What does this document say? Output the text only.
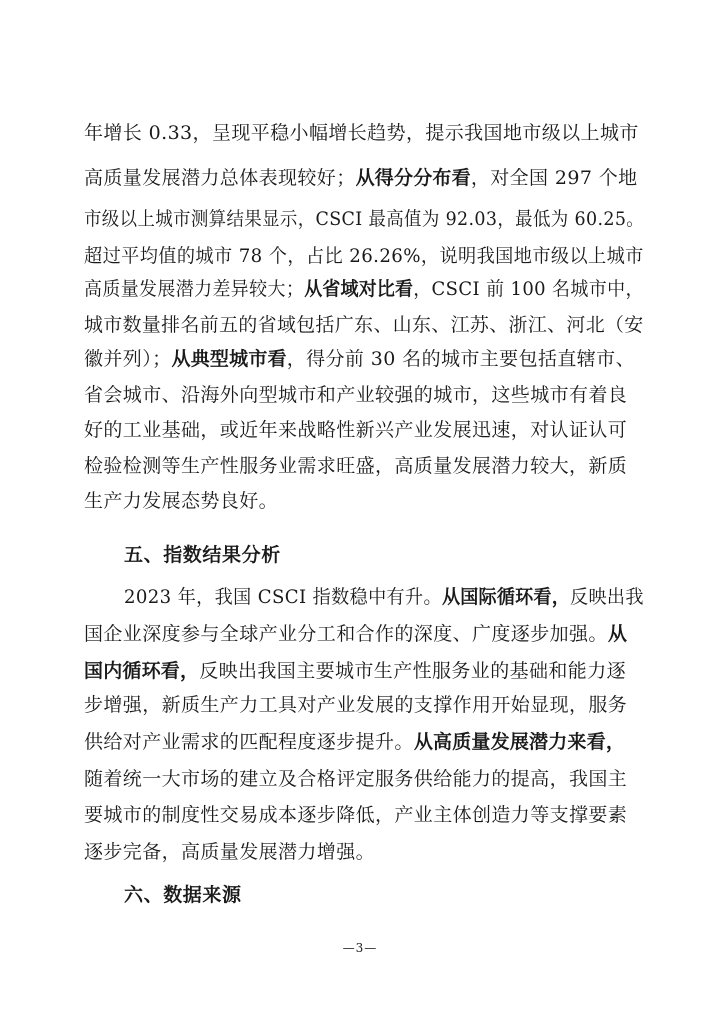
年增长 0.33，呈现平稳小幅增长趋势，提示我国地市级以上城市
高质量发展潜力总体表现较好；从得分分布看，对全国 297 个地
市级以上城市测算结果显示，CSCI 最高值为 92.03，最低为 60.25。
超过平均值的城市 78 个，占比 26.26%，说明我国地市级以上城市
高质量发展潜力差异较大；从省域对比看，CSCI 前 100 名城市中，
城市数量排名前五的省域包括广东、山东、江苏、浙江、河北（安
徽并列）；从典型城市看，得分前 30 名的城市主要包括直辖市、
省会城市、沿海外向型城市和产业较强的城市，这些城市有着良
好的工业基础，或近年来战略性新兴产业发展迅速，对认证认可
检验检测等生产性服务业需求旺盛，高质量发展潜力较大，新质
生产力发展态势良好。
五、指数结果分析
2023 年，我国 CSCI 指数稳中有升。从国际循环看，反映出我
国企业深度参与全球产业分工和合作的深度、广度逐步加强。从
国内循环看，反映出我国主要城市生产性服务业的基础和能力逐
步增强，新质生产力工具对产业发展的支撑作用开始显现，服务
供给对产业需求的匹配程度逐步提升。从高质量发展潜力来看，
随着统一大市场的建立及合格评定服务供给能力的提高，我国主
要城市的制度性交易成本逐步降低，产业主体创造力等支撑要素
逐步完备，高质量发展潜力增强。
六、数据来源
—3—
